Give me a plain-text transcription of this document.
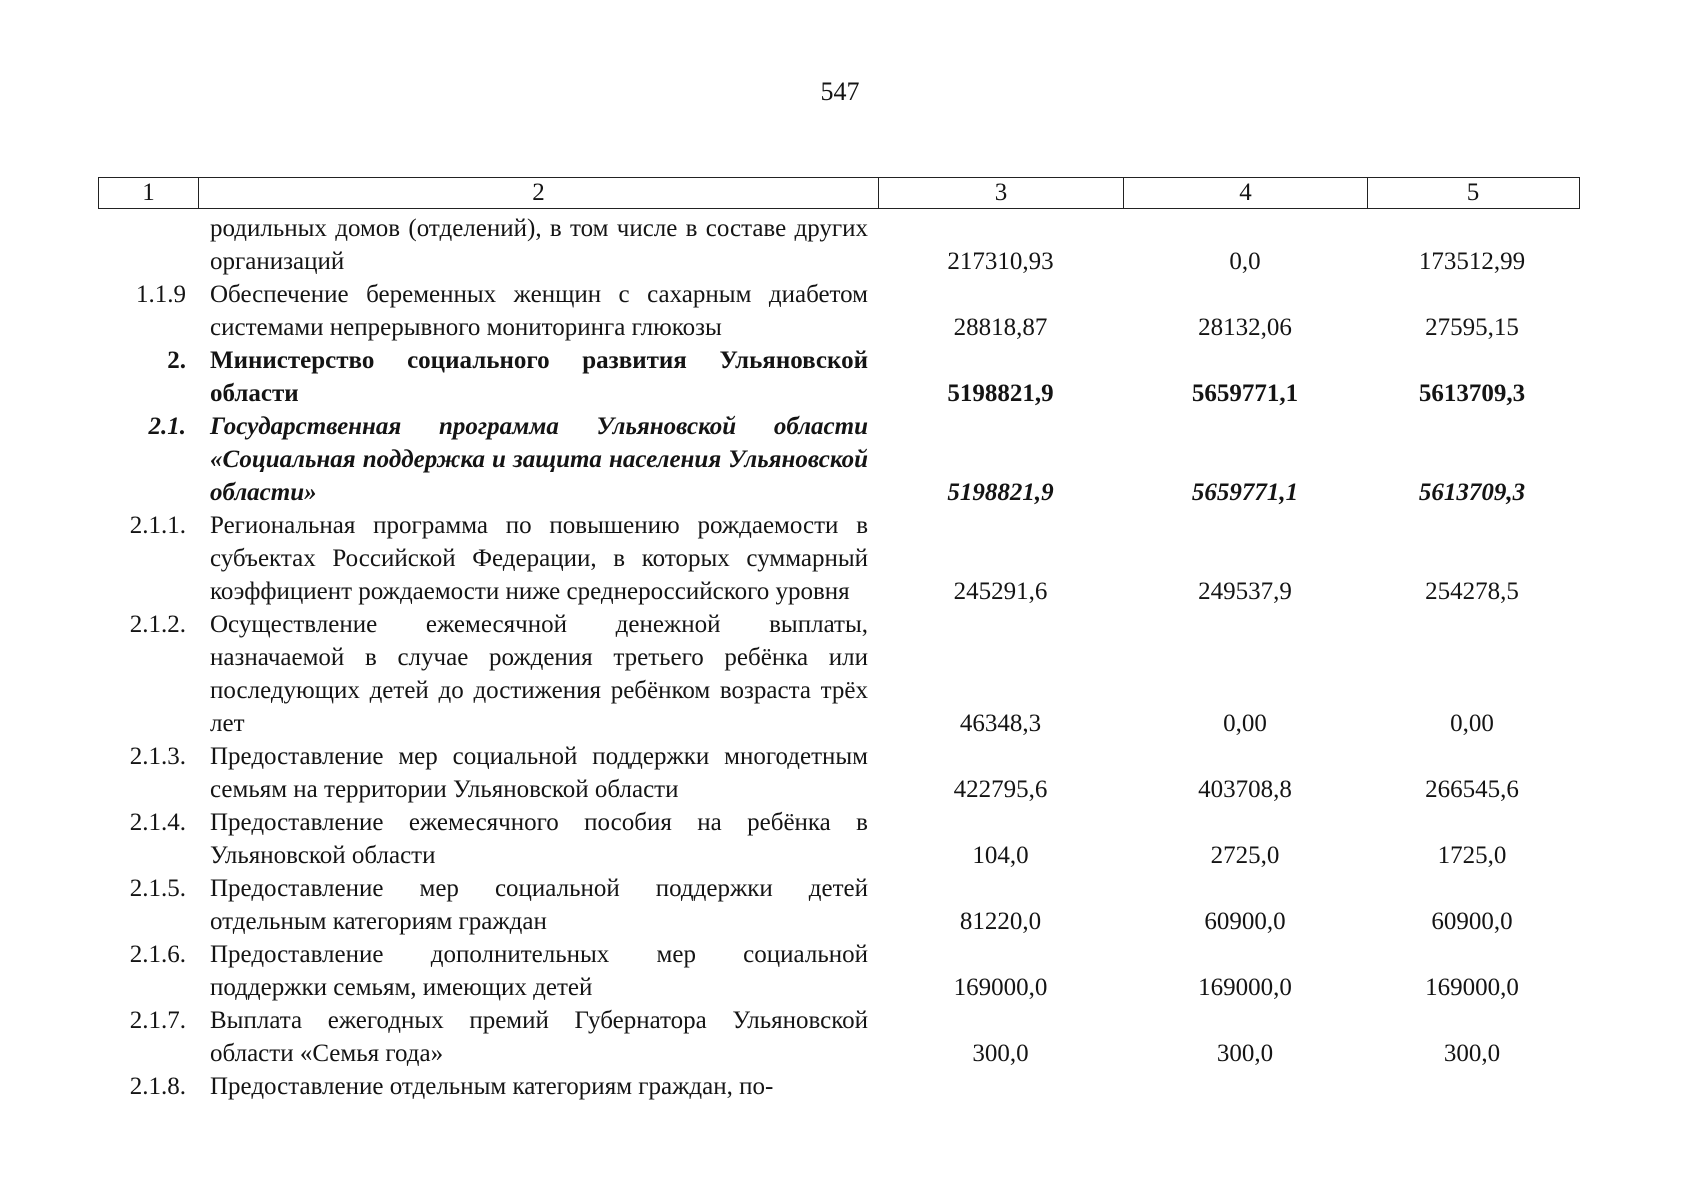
547
1	2	3	4	5
родильных домов (отделений), в том числе в составе других организаций	217310,93	0,0	173512,99
1.1.9 Обеспечение беременных женщин с сахарным диабетом системами непрерывного мониторинга глюкозы	28818,87	28132,06	27595,15
2. Министерство социального развития Ульяновской области	5198821,9	5659771,1	5613709,3
2.1. Государственная программа Ульяновской области «Социальная поддержка и защита населения Ульяновской области»	5198821,9	5659771,1	5613709,3
2.1.1. Региональная программа по повышению рождаемости в субъектах Российской Федерации, в которых суммарный коэффициент рождаемости ниже среднероссийского уровня	245291,6	249537,9	254278,5
2.1.2. Осуществление ежемесячной денежной выплаты, назначаемой в случае рождения третьего ребёнка или последующих детей до достижения ребёнком возраста трёх лет	46348,3	0,00	0,00
2.1.3. Предоставление мер социальной поддержки многодетным семьям на территории Ульяновской области	422795,6	403708,8	266545,6
2.1.4. Предоставление ежемесячного пособия на ребёнка в Ульяновской области	104,0	2725,0	1725,0
2.1.5. Предоставление мер социальной поддержки детей отдельным категориям граждан	81220,0	60900,0	60900,0
2.1.6. Предоставление дополнительных мер социальной поддержки семьям, имеющих детей	169000,0	169000,0	169000,0
2.1.7. Выплата ежегодных премий Губернатора Ульяновской области «Семья года»	300,0	300,0	300,0
2.1.8. Предоставление отдельным категориям граждан, по-
